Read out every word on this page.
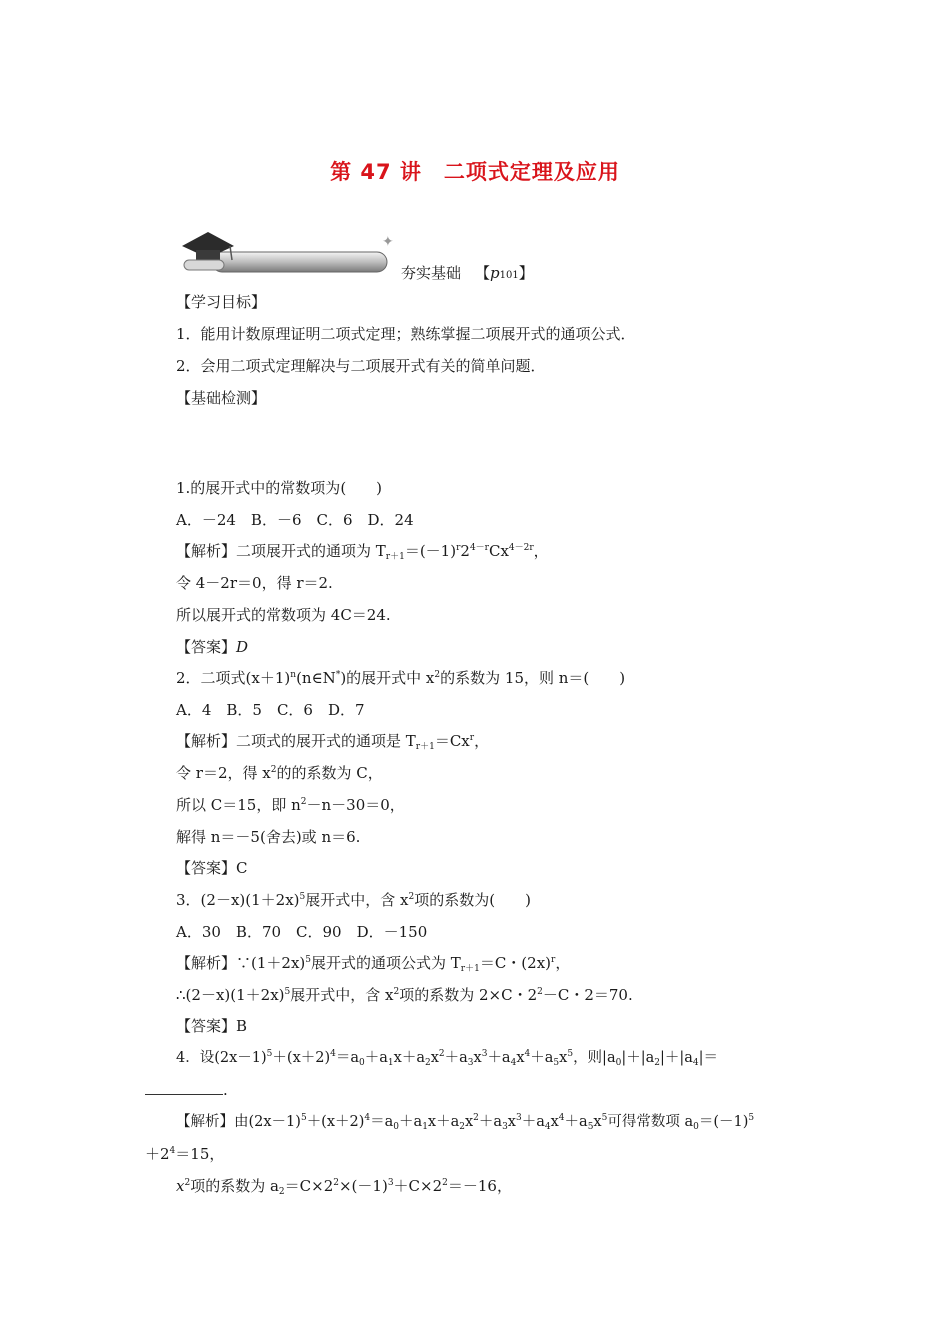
第 47 讲　二项式定理及应用
✦
夯实基础 【p101】
【学习目标】
1．能用计数原理证明二项式定理；熟练掌握二项展开式的通项公式．
2．会用二项式定理解决与二项展开式有关的简单问题．
【基础检测】
1.的展开式中的常数项为(　　)
A．－24　B．－6　C．6　D．24
【解析】二项展开式的通项为 $T_{r+1}=(-1)^r2^{4-r}Cx^{4-2r}$，
令 4－2r＝0，得 r＝2.
所以展开式的常数项为 4C＝24.
【答案】D
2．二项式$(x+1)^n(n\in N^*)$的展开式中 $x^2$的系数为 15，则 n＝(　　)
A．4　B．5　C．6　D．7
【解析】二项式的展开式的通项是 $T_{r+1}=Cx^r$，
令 r＝2，得 $x^2$的的系数为 C，
所以 C＝15，即 $n^2-n-30=0$，
解得 n＝－5(舍去)或 n＝6.
【答案】C
3．$(2-x)(1+2x)^5$展开式中，含 $x^2$项的系数为(　　)
A．30　B．70　C．90　D．－150
【解析】$\because(1+2x)^5$展开式的通项公式为 $T_{r+1}=C$・$(2x)^r$，
$\therefore(2-x)(1+2x)^5$展开式中，含 $x^2$项的系数为 2×C・$2^2-C$・2＝70.
【答案】B
4．设$(2x-1)^5+(x+2)^4=a_0+a_1x+a_2x^2+a_3x^3+a_4x^4+a_5x^5$，则$|a_0|+|a_2|+|a_4|=$
.
【解析】由$(2x-1)^5+(x+2)^4=a_0+a_1x+a_2x^2+a_3x^3+a_4x^4+a_5x^5$可得常数项 $a_0=(-1)^5$
$+2^4=15$，
$x^2$项的系数为 $a_2=C\times 2^2\times(-1)^3+C\times 2^2=-16$，
